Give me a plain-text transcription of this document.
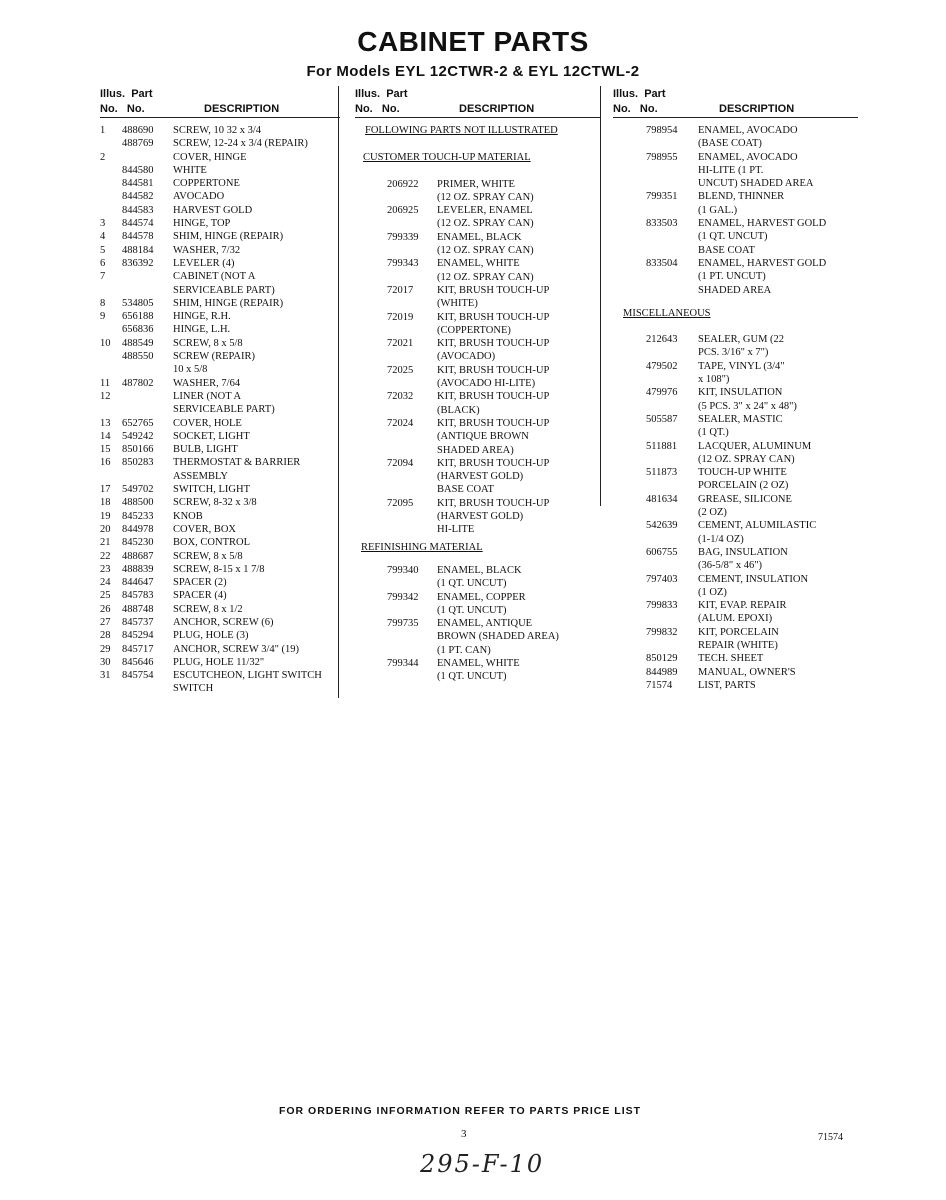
CABINET PARTS
For Models EYL 12CTWR-2 & EYL 12CTWL-2
Illus. Part
No. No.	DESCRIPTION
1 488690 SCREW, 10 32 x 3/4
488769 SCREW, 12-24 x 3/4 (REPAIR)
2	COVER, HINGE
844580 WHITE
844581 COPPERTONE
844582 AVOCADO
844583 HARVEST GOLD
3 844574 HINGE, TOP
4 844578 SHIM, HINGE (REPAIR)
5 488184 WASHER, 7/32
6 836392 LEVELER (4)
7	CABINET (NOT A
SERVICEABLE PART)
8 534805 SHIM, HINGE (REPAIR)
9 656188 HINGE, R.H.
656836 HINGE, L.H.
10 488549 SCREW, 8 x 5/8
488550 SCREW (REPAIR)
10 x 5/8
11 487802 WASHER, 7/64
12	LINER (NOT A
SERVICEABLE PART)
13 652765 COVER, HOLE
14 549242 SOCKET, LIGHT
15 850166 BULB, LIGHT
16 850283 THERMOSTAT & BARRIER
ASSEMBLY
17 549702 SWITCH, LIGHT
18 488500 SCREW, 8-32 x 3/8
19 845233 KNOB
20 844978 COVER, BOX
21 845230 BOX, CONTROL
22 488687 SCREW, 8 x 5/8
23 488839 SCREW, 8-15 x 1 7/8
24 844647 SPACER (2)
25 845783 SPACER (4)
26 488748 SCREW, 8 x 1/2
27 845737 ANCHOR, SCREW (6)
28 845294 PLUG, HOLE (3)
29 845717 ANCHOR, SCREW 3/4" (19)
30 845646 PLUG, HOLE 11/32"
31 845754 ESCUTCHEON, LIGHT SWITCH
SWITCH
Illus. Part
No. No.	DESCRIPTION
FOLLOWING PARTS NOT ILLUSTRATED
CUSTOMER TOUCH-UP MATERIAL
206922 PRIMER, WHITE
(12 OZ. SPRAY CAN)
206925 LEVELER, ENAMEL
(12 OZ. SPRAY CAN)
799339 ENAMEL, BLACK
(12 OZ. SPRAY CAN)
799343 ENAMEL, WHITE
(12 OZ. SPRAY CAN)
72017 KIT, BRUSH TOUCH-UP
(WHITE)
72019 KIT, BRUSH TOUCH-UP
(COPPERTONE)
72021 KIT, BRUSH TOUCH-UP
(AVOCADO)
72025 KIT, BRUSH TOUCH-UP
(AVOCADO HI-LITE)
72032 KIT, BRUSH TOUCH-UP
(BLACK)
72024 KIT, BRUSH TOUCH-UP
(ANTIQUE BROWN
SHADED AREA)
72094 KIT, BRUSH TOUCH-UP
(HARVEST GOLD)
BASE COAT
72095 KIT, BRUSH TOUCH-UP
(HARVEST GOLD)
HI-LITE
REFINISHING MATERIAL
799340 ENAMEL, BLACK
(1 QT. UNCUT)
799342 ENAMEL, COPPER
(1 QT. UNCUT)
799735 ENAMEL, ANTIQUE
BROWN (SHADED AREA)
(1 PT. CAN)
799344 ENAMEL, WHITE
(1 QT. UNCUT)
Illus. Part
No. No.	DESCRIPTION
798954 ENAMEL, AVOCADO
(BASE COAT)
798955 ENAMEL, AVOCADO
HI-LITE (1 PT.
UNCUT) SHADED AREA
799351 BLEND, THINNER
(1 GAL.)
833503 ENAMEL, HARVEST GOLD
(1 QT. UNCUT)
BASE COAT
833504 ENAMEL, HARVEST GOLD
(1 PT. UNCUT)
SHADED AREA
MISCELLANEOUS
212643 SEALER, GUM (22
PCS. 3/16" x 7")
479502 TAPE, VINYL (3/4"
x 108")
479976 KIT, INSULATION
(5 PCS. 3" x 24" x 48")
505587 SEALER, MASTIC
(1 QT.)
511881 LACQUER, ALUMINUM
(12 OZ. SPRAY CAN)
511873 TOUCH-UP WHITE
PORCELAIN (2 OZ)
481634 GREASE, SILICONE
(2 OZ)
542639 CEMENT, ALUMILASTIC
(1-1/4 OZ)
606755 BAG, INSULATION
(36-5/8" x 46")
797403 CEMENT, INSULATION
(1 OZ)
799833 KIT, EVAP. REPAIR
(ALUM. EPOXI)
799832 KIT, PORCELAIN
REPAIR (WHITE)
850129 TECH. SHEET
844989 MANUAL, OWNER'S
71574 LIST, PARTS
FOR ORDERING INFORMATION REFER TO PARTS PRICE LIST
3	71574
295-F-10
